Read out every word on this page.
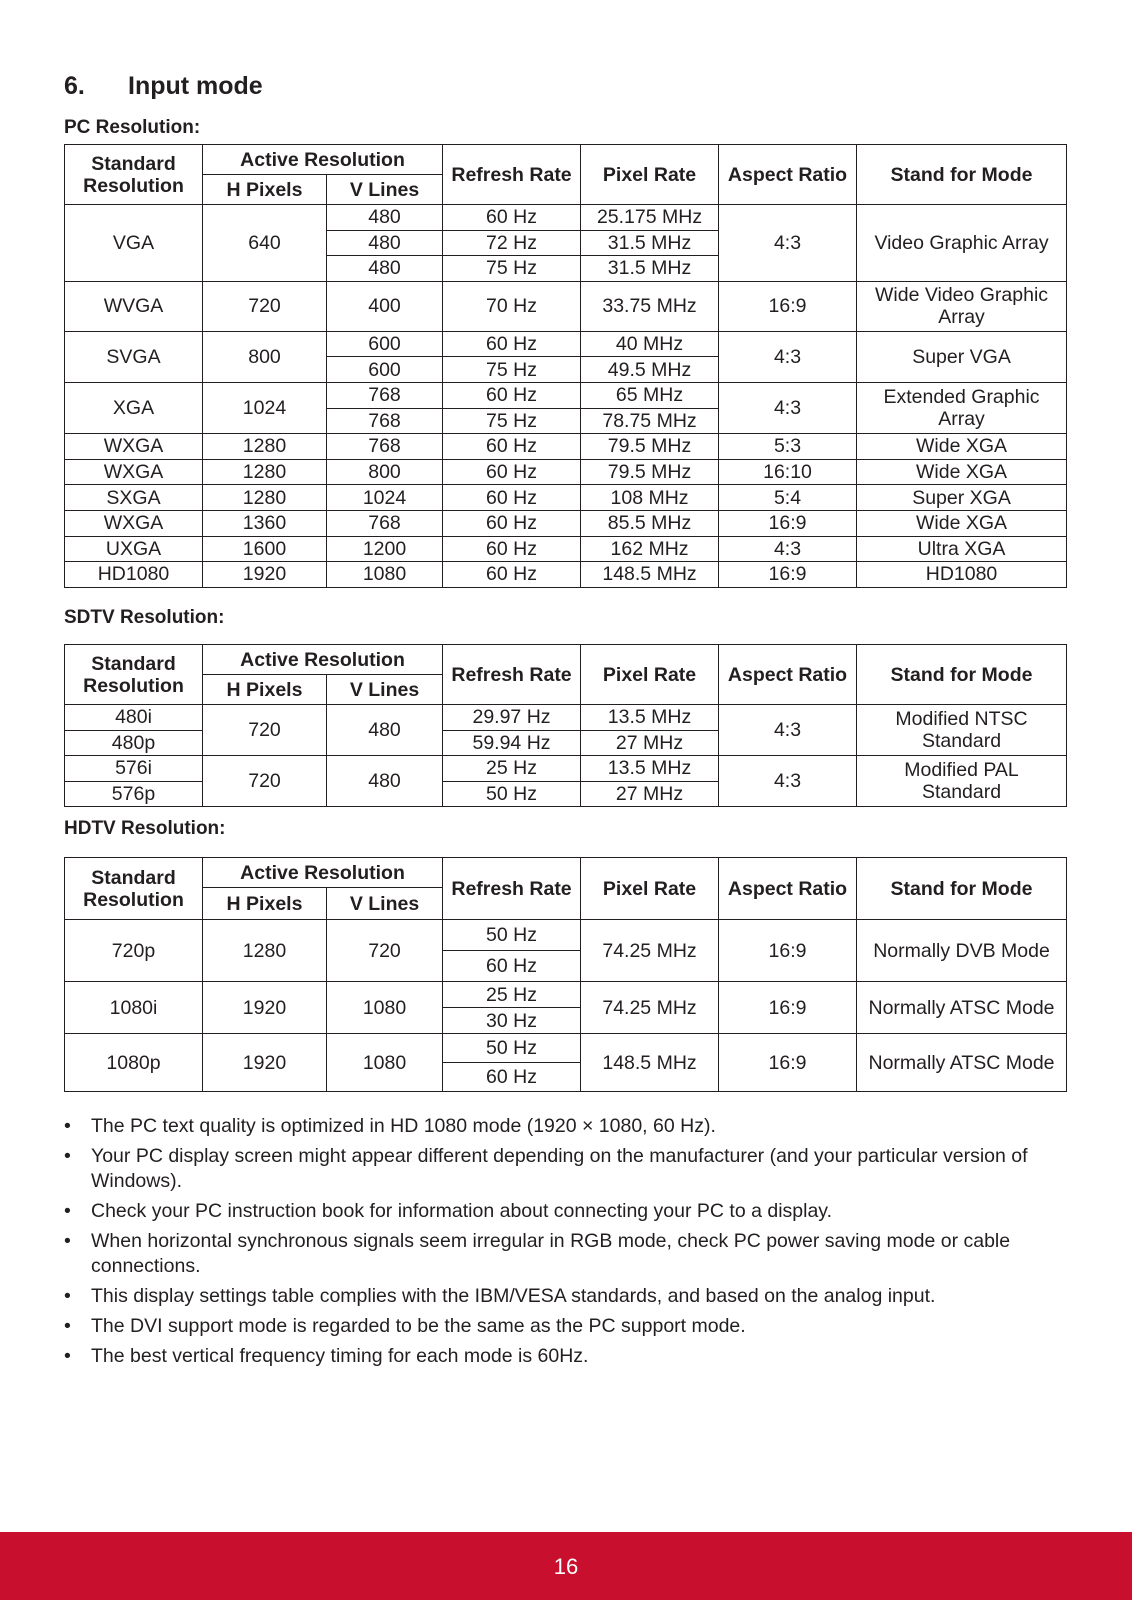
6. Input mode
PC Resolution:
Standard Resolution	Active Resolution		Refresh Rate	Pixel Rate	Aspect Ratio	Stand for Mode
	H Pixels	V Lines				
VGA	640	480	60 Hz	25.175 MHz	4:3	Video Graphic Array
		480	72 Hz	31.5 MHz		
		480	75 Hz	31.5 MHz		
WVGA	720	400	70 Hz	33.75 MHz	16:9	Wide Video Graphic Array
SVGA	800	600	60 Hz	40 MHz	4:3	Super VGA
		600	75 Hz	49.5 MHz		
XGA	1024	768	60 Hz	65 MHz	4:3	Extended Graphic Array
		768	75 Hz	78.75 MHz		
WXGA	1280	768	60 Hz	79.5 MHz	5:3	Wide XGA
WXGA	1280	800	60 Hz	79.5 MHz	16:10	Wide XGA
SXGA	1280	1024	60 Hz	108 MHz	5:4	Super XGA
WXGA	1360	768	60 Hz	85.5 MHz	16:9	Wide XGA
UXGA	1600	1200	60 Hz	162 MHz	4:3	Ultra XGA
HD1080	1920	1080	60 Hz	148.5 MHz	16:9	HD1080
SDTV Resolution:
Standard Resolution	Active Resolution		Refresh Rate	Pixel Rate	Aspect Ratio	Stand for Mode
	H Pixels	V Lines				
480i	720	480	29.97 Hz	13.5 MHz	4:3	Modified NTSC Standard
480p			59.94 Hz	27 MHz		
576i	720	480	25 Hz	13.5 MHz	4:3	Modified PAL Standard
576p			50 Hz	27 MHz		
HDTV Resolution:
Standard Resolution	Active Resolution		Refresh Rate	Pixel Rate	Aspect Ratio	Stand for Mode
	H Pixels	V Lines				
720p	1280	720	50 Hz	74.25 MHz	16:9	Normally DVB Mode
			60 Hz			
1080i	1920	1080	25 Hz	74.25 MHz	16:9	Normally ATSC Mode
			30 Hz			
1080p	1920	1080	50 Hz	148.5 MHz	16:9	Normally ATSC Mode
			60 Hz			
• The PC text quality is optimized in HD 1080 mode (1920 × 1080, 60 Hz).
• Your PC display screen might appear different depending on the manufacturer (and your particular version of Windows).
• Check your PC instruction book for information about connecting your PC to a display.
• When horizontal synchronous signals seem irregular in RGB mode, check PC power saving mode or cable connections.
• This display settings table complies with the IBM/VESA standards, and based on the analog input.
• The DVI support mode is regarded to be the same as the PC support mode.
• The best vertical frequency timing for each mode is 60Hz.
16
